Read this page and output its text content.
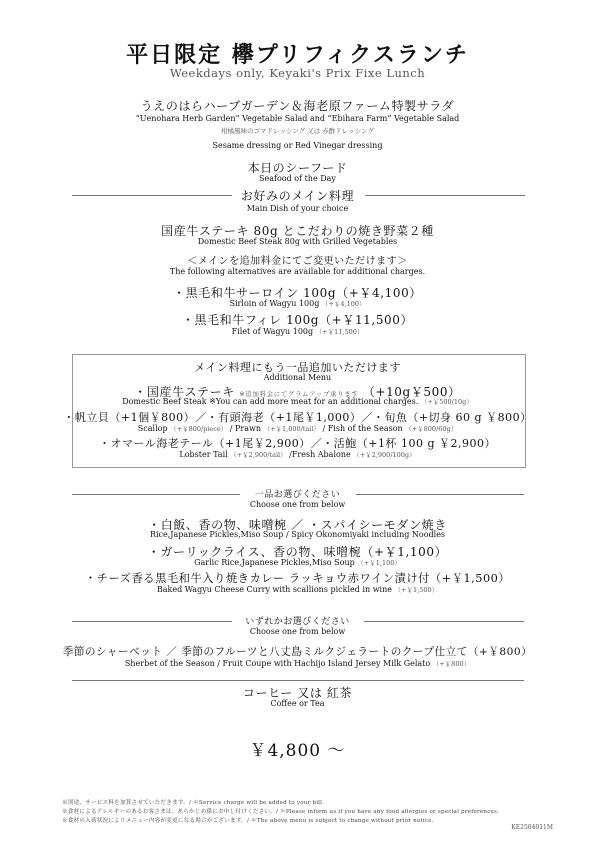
平日限定 欅プリフィクスランチ
Weekdays only, Keyaki's Prix Fixe Lunch
うえのはらハーブガーデン＆海老原ファーム特製サラダ
“Uenohara Herb Garden” Vegetable Salad and “Ebihara Farm” Vegetable Salad
柑橘風味のゴマドレッシング 又は 赤酢ドレッシング
Sesame dressing or Red Vinegar dressing
本日のシーフード
Seafood of the Day
お好みのメイン料理
Main Dish of your choice
国産牛ステーキ 80g とこだわりの焼き野菜２種
Domestic Beef Steak 80g with Grilled Vegetables
＜メインを追加料金にてご変更いただけます＞
The following alternatives are available for additional charges.
・黒毛和牛サーロイン 100g（+￥4,100）
Sirloin of Wagyu 100g （+￥4,100）
・黒毛和牛フィレ 100g（+￥11,500）
Filet of Wagyu 100g （+￥11,500）
メイン料理にもう一品追加いただけます
Additional Menu
・国産牛ステーキ ※追加料金にてグラムアップ承ります （+10g￥500）
Domestic Beef Steak ※You can add more meat for an additional charges. （+￥500/10g）
・帆立貝（+1個￥800）／・有頭海老（+1尾￥1,000）／・旬魚（+切身 60 g ￥800）
Scallop （+￥800/piece） / Prawn （+￥1,000/tail） / Fish of the Season （+￥800/60g）
・オマール海老テール（+1尾￥2,900）／・活鮑（+1杯 100 g ￥2,900）
Lobster Tail （+￥2,900/tail） /Fresh Abalone （+￥2,900/100g）
一品お選びください
Choose one from below
・白飯、香の物、味噌椀 ／ ・スパイシーモダン焼き
Rice,Japanese Pickles,Miso Soup / Spicy Okonomiyaki including Noodles
・ガーリックライス、香の物、味噌椀（+￥1,100）
Garlic Rice,Japanese Pickles,Miso Soup （+￥1,100）
・チーズ香る黒毛和牛入り焼きカレー ラッキョウ赤ワイン漬け付（+￥1,500）
Baked Wagyu Cheese Curry with scallions pickled in wine （+￥1,500）
いずれかお選びください
Choose one from below
季節のシャーベット ／ 季節のフルーツと八丈島ミルクジェラートのクープ仕立て（+￥800）
Sherbet of the Season / Fruit Coupe with Hachijo Island Jersey Milk Gelato （+￥800）
コーヒー 又は 紅茶
Coffee or Tea
￥4,800 ～
※別途、サービス料を加算させていただきます。/ ＊Service charge will be added to your bill.
※食材によるアレルギーのあるお客さまは、あらかじめ係にお申し付けください。/ ＊Please inform us if you have any food allergies or special preferences.
※食材の入荷状況によりメニュー内容が変更になる場合がございます。/ ＊The above menu is subject to change without prior notice.
KE2504011M
